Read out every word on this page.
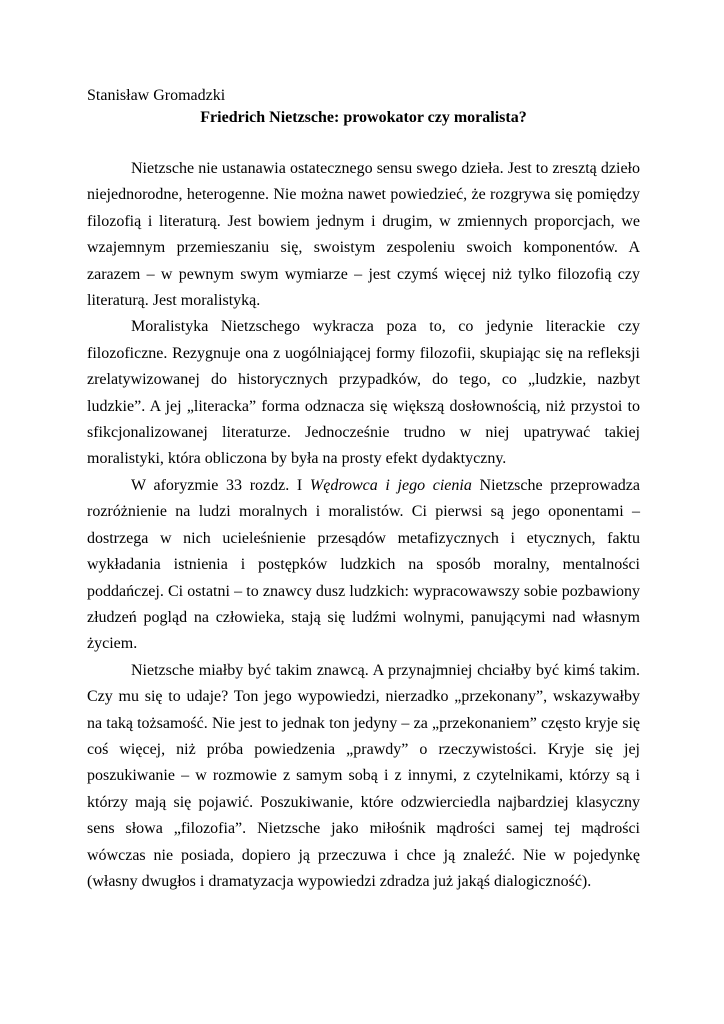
Stanisław Gromadzki

Friedrich Nietzsche: prowokator czy moralista?

Nietzsche nie ustanawia ostatecznego sensu swego dzieła. Jest to zresztą dzieło niejednorodne, heterogenne. Nie można nawet powiedzieć, że rozgrywa się pomiędzy filozofią i literaturą. Jest bowiem jednym i drugim, w zmiennych proporcjach, we wzajemnym przemieszaniu się, swoistym zespoleniu swoich komponentów. A zarazem – w pewnym swym wymiarze – jest czymś więcej niż tylko filozofią czy literaturą. Jest moralistyką.

Moralistyka Nietzschego wykracza poza to, co jedynie literackie czy filozoficzne. Rezygnuje ona z uogólniającej formy filozofii, skupiając się na refleksji zrelatywizowanej do historycznych przypadków, do tego, co „ludzkie, nazbyt ludzkie”. A jej „literacka” forma odznacza się większą dosłownością, niż przystoi to sfikcjonalizowanej literaturze. Jednocześnie trudno w niej upatrywać takiej moralistyki, która obliczona by była na prosty efekt dydaktyczny.

W aforyzmie 33 rozdz. I Wędrowca i jego cienia Nietzsche przeprowadza rozróżnienie na ludzi moralnych i moralistów. Ci pierwsi są jego oponentami – dostrzega w nich ucieleśnienie przesądów metafizycznych i etycznych, faktu wykładania istnienia i postępków ludzkich na sposób moralny, mentalności poddańczej. Ci ostatni – to znawcy dusz ludzkich: wypracowawszy sobie pozbawiony złudzeń pogląd na człowieka, stają się ludźmi wolnymi, panującymi nad własnym życiem.

Nietzsche miałby być takim znawcą. A przynajmniej chciałby być kimś takim. Czy mu się to udaje? Ton jego wypowiedzi, nierzadko „przekonany”, wskazywałby na taką tożsamość. Nie jest to jednak ton jedyny – za „przekonaniem” często kryje się coś więcej, niż próba powiedzenia „prawdy” o rzeczywistości. Kryje się jej poszukiwanie – w rozmowie z samym sobą i z innymi, z czytelnikami, którzy są i którzy mają się pojawić. Poszukiwanie, które odzwierciedla najbardziej klasyczny sens słowa „filozofia”. Nietzsche jako miłośnik mądrości samej tej mądrości wówczas nie posiada, dopiero ją przeczuwa i chce ją znaleźć. Nie w pojedynkę (własny dwugłos i dramatyzacja wypowiedzi zdradza już jakąś dialogiczność).
